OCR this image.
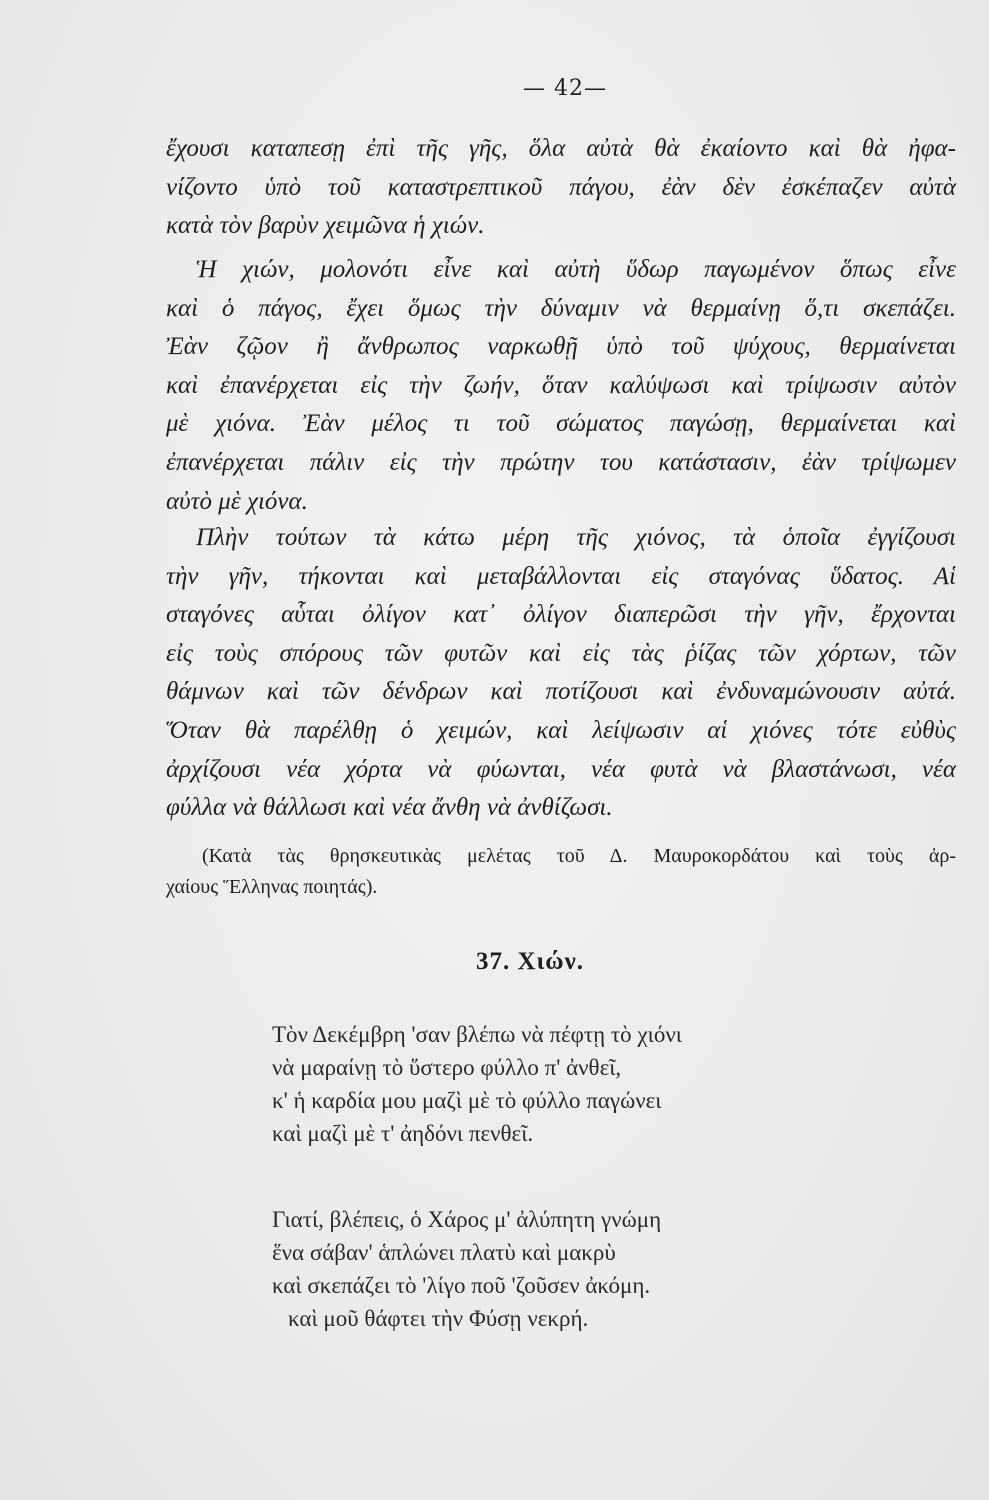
— 42—
ἔχουσι καταπεσῃ ἐπὶ τῆς γῆς, ὅλα αὐτὰ θὰ ἐκαίοντο καὶ θὰ ἠφα-
νίζοντο ὑπὸ τοῦ καταστρεπτικοῦ πάγου, ἐὰν δὲν ἐσκέπαζεν αὐτὰ
κατὰ τὸν βαρὺν χειμῶνα ἡ χιών.
Ἡ χιών, μολονότι εἶνε καὶ αὐτὴ ὕδωρ παγωμένον ὅπως εἶνε
καὶ ὁ πάγος, ἔχει ὅμως τὴν δύναμιν νὰ θερμαίνῃ ὅ,τι σκεπάζει.
Ἐὰν ζῷον ἢ ἄνθρωπος ναρκωθῇ ὑπὸ τοῦ ψύχους, θερμαίνεται
καὶ ἐπανέρχεται εἰς τὴν ζωήν, ὅταν καλύψωσι καὶ τρίψωσιν αὐτὸν
μὲ χιόνα. Ἐὰν μέλος τι τοῦ σώματος παγώσῃ, θερμαίνεται καὶ
ἐπανέρχεται πάλιν εἰς τὴν πρώτην του κατάστασιν, ἐὰν τρίψωμεν
αὐτὸ μὲ χιόνα.
Πλὴν τούτων τὰ κάτω μέρη τῆς χιόνος, τὰ ὁποῖα ἐγγίζουσι
τὴν γῆν, τήκονται καὶ μεταβάλλονται εἰς σταγόνας ὕδατος. Αἱ
σταγόνες αὗται ὀλίγον κατ᾿ ὀλίγον διαπερῶσι τὴν γῆν, ἔρχονται
εἰς τοὺς σπόρους τῶν φυτῶν καὶ εἰς τὰς ῥίζας τῶν χόρτων, τῶν
θάμνων καὶ τῶν δένδρων καὶ ποτίζουσι καὶ ἐνδυναμώνουσιν αὐτά.
Ὅταν θὰ παρέλθῃ ὁ χειμών, καὶ λείψωσιν αἱ χιόνες τότε εὐθὺς
ἀρχίζουσι νέα χόρτα νὰ φύωνται, νέα φυτὰ νὰ βλαστάνωσι, νέα
φύλλα νὰ θάλλωσι καὶ νέα ἄνθη νὰ ἀνθίζωσι.
(Κατὰ τὰς θρησκευτικὰς μελέτας τοῦ Δ. Μαυροκορδάτου καὶ τοὺς ἀρ-
χαίους Ἕλληνας ποιητάς).
37. Χιών.
Τὸν Δεκέμβρη 'σαν βλέπω νὰ πέφτῃ τὸ χιόνι
νὰ μαραίνῃ τὸ ὕστερο φύλλο π' ἀνθεῖ,
κ' ἡ καρδία μου μαζὶ μὲ τὸ φύλλο παγώνει
καὶ μαζὶ μὲ τ' ἀηδόνι πενθεῖ.
Γιατί, βλέπεις, ὁ Χάρος μ' ἀλύπητη γνώμη
ἕνα σάβαν' ἁπλώνει πλατὺ καὶ μακρὺ
καὶ σκεπάζει τὸ 'λίγο ποῦ 'ζοῦσεν ἀκόμη.
καὶ μοῦ θάφτει τὴν Φύσῃ νεκρή.
